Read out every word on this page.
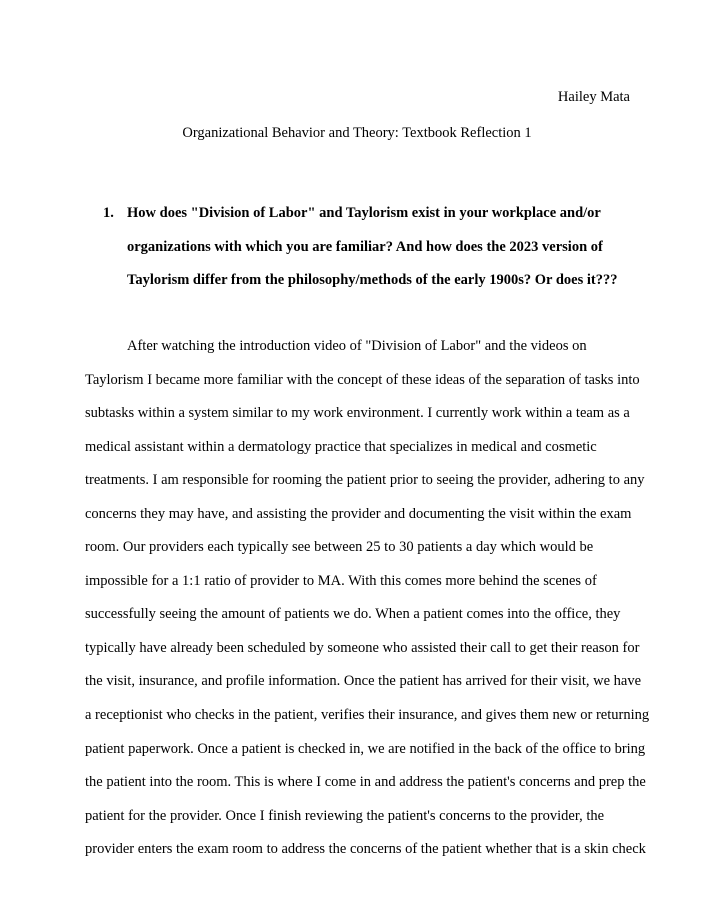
Hailey Mata
Organizational Behavior and Theory: Textbook Reflection 1
1. How does "Division of Labor" and Taylorism exist in your workplace and/or
organizations with which you are familiar? And how does the 2023 version of
Taylorism differ from the philosophy/methods of the early 1900s? Or does it???
After watching the introduction video of "Division of Labor" and the videos on
Taylorism I became more familiar with the concept of these ideas of the separation of tasks into
subtasks within a system similar to my work environment. I currently work within a team as a
medical assistant within a dermatology practice that specializes in medical and cosmetic
treatments. I am responsible for rooming the patient prior to seeing the provider, adhering to any
concerns they may have, and assisting the provider and documenting the visit within the exam
room. Our providers each typically see between 25 to 30 patients a day which would be
impossible for a 1:1 ratio of provider to MA. With this comes more behind the scenes of
successfully seeing the amount of patients we do. When a patient comes into the office, they
typically have already been scheduled by someone who assisted their call to get their reason for
the visit, insurance, and profile information. Once the patient has arrived for their visit, we have
a receptionist who checks in the patient, verifies their insurance, and gives them new or returning
patient paperwork. Once a patient is checked in, we are notified in the back of the office to bring
the patient into the room. This is where I come in and address the patient's concerns and prep the
patient for the provider. Once I finish reviewing the patient's concerns to the provider, the
provider enters the exam room to address the concerns of the patient whether that is a skin check
